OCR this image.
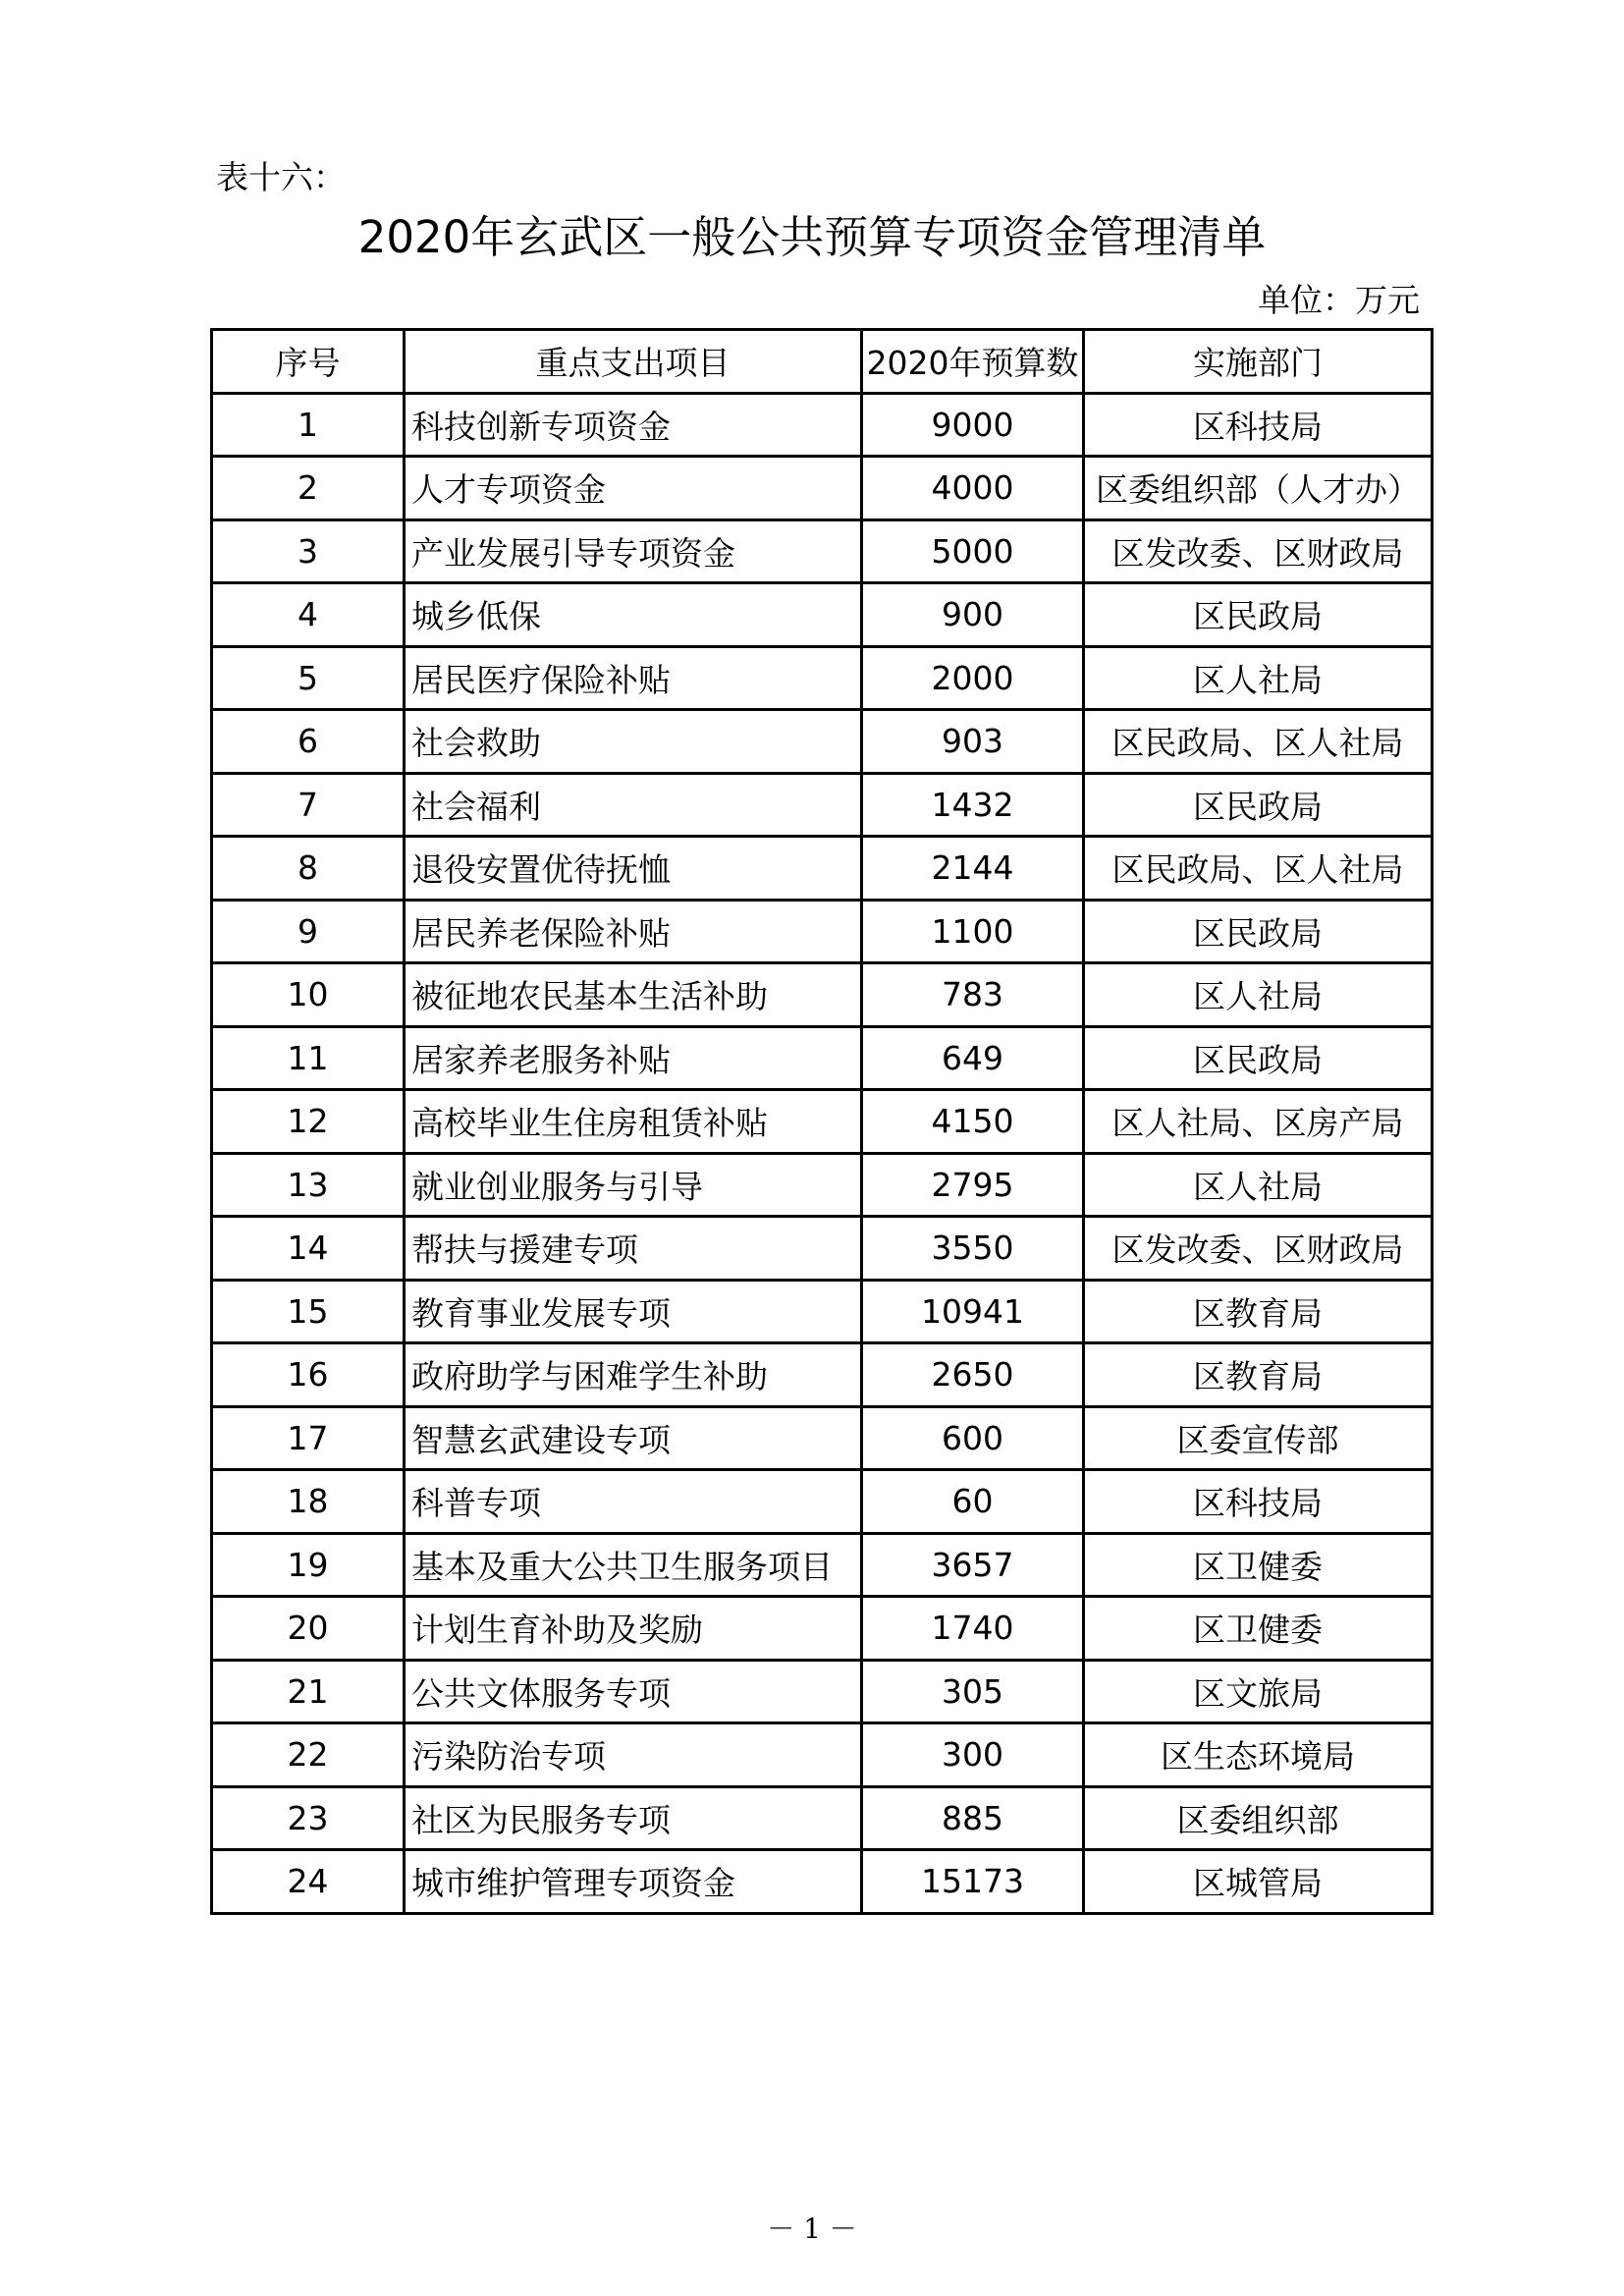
表十六：
2020年玄武区一般公共预算专项资金管理清单
单位：万元
序号	重点支出项目	2020年预算数	实施部门
1	科技创新专项资金	9000	区科技局
2	人才专项资金	4000	区委组织部（人才办）
3	产业发展引导专项资金	5000	区发改委、区财政局
4	城乡低保	900	区民政局
5	居民医疗保险补贴	2000	区人社局
6	社会救助	903	区民政局、区人社局
7	社会福利	1432	区民政局
8	退役安置优待抚恤	2144	区民政局、区人社局
9	居民养老保险补贴	1100	区民政局
10	被征地农民基本生活补助	783	区人社局
11	居家养老服务补贴	649	区民政局
12	高校毕业生住房租赁补贴	4150	区人社局、区房产局
13	就业创业服务与引导	2795	区人社局
14	帮扶与援建专项	3550	区发改委、区财政局
15	教育事业发展专项	10941	区教育局
16	政府助学与困难学生补助	2650	区教育局
17	智慧玄武建设专项	600	区委宣传部
18	科普专项	60	区科技局
19	基本及重大公共卫生服务项目	3657	区卫健委
20	计划生育补助及奖励	1740	区卫健委
21	公共文体服务专项	305	区文旅局
22	污染防治专项	300	区生态环境局
23	社区为民服务专项	885	区委组织部
24	城市维护管理专项资金	15173	区城管局
－ 1 －
